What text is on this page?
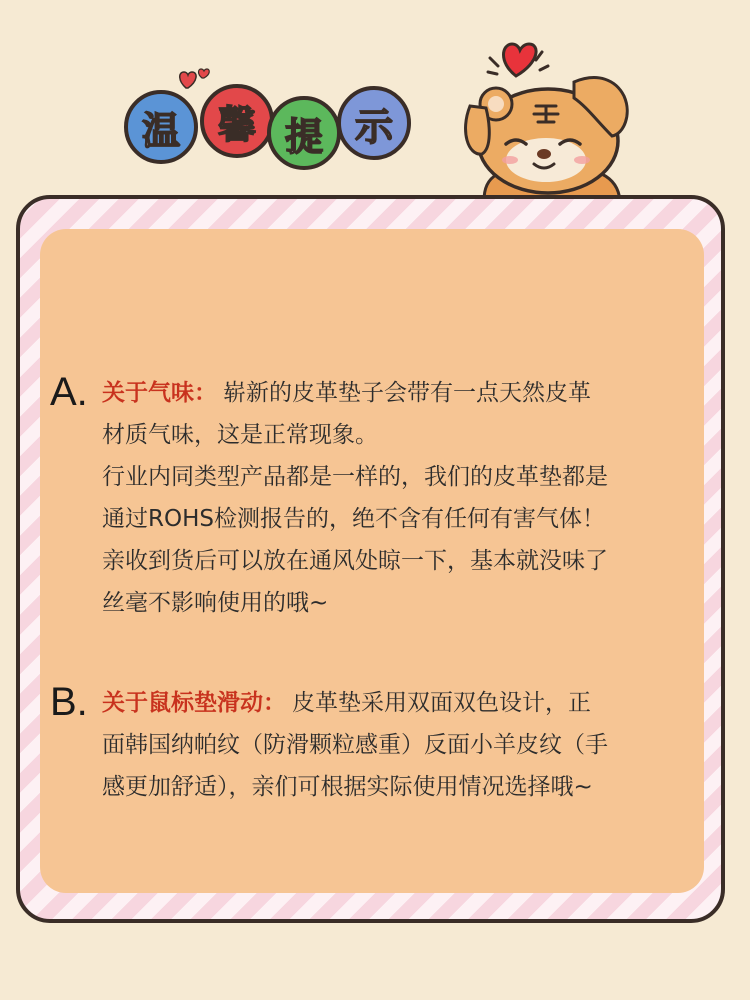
温 馨 提 示
A. 关于气味： 崭新的皮革垫子会带有一点天然皮革
材质气味，这是正常现象。
行业内同类型产品都是一样的，我们的皮革垫都是
通过ROHS检测报告的，绝不含有任何有害气体！
亲收到货后可以放在通风处晾一下，基本就没味了
丝毫不影响使用的哦~
B. 关于鼠标垫滑动： 皮革垫采用双面双色设计，正
面韩国纳帕纹（防滑颗粒感重）反面小羊皮纹（手
感更加舒适），亲们可根据实际使用情况选择哦~
